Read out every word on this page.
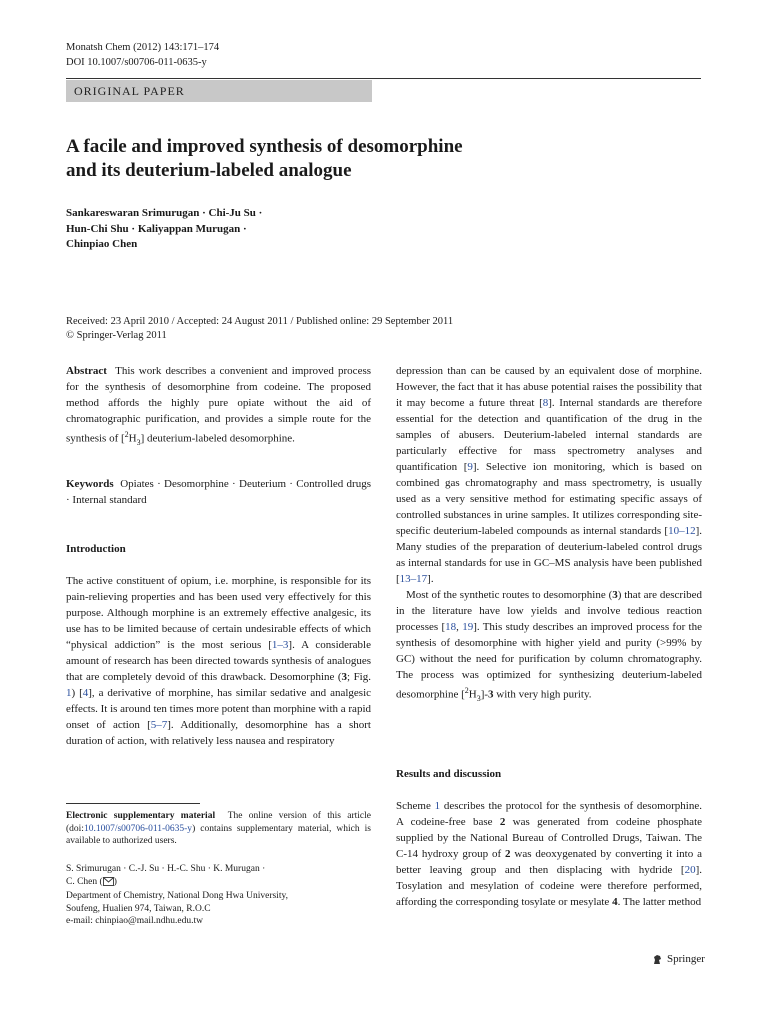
Monatsh Chem (2012) 143:171–174
DOI 10.1007/s00706-011-0635-y
ORIGINAL PAPER
A facile and improved synthesis of desomorphine
and its deuterium-labeled analogue
Sankareswaran Srimurugan · Chi-Ju Su ·
Hun-Chi Shu · Kaliyappan Murugan ·
Chinpiao Chen
Received: 23 April 2010 / Accepted: 24 August 2011 / Published online: 29 September 2011
© Springer-Verlag 2011

Abstract This work describes a convenient and improved process for the synthesis of desomorphine from codeine. The proposed method affords the highly pure opiate without the aid of chromatographic purification, and provides a simple route for the synthesis of $[^2H_3]$ deuterium-labeled desomorphine.

Keywords Opiates · Desomorphine · Deuterium · Controlled drugs · Internal standard

Introduction

The active constituent of opium, i.e. morphine, is responsible for its pain-relieving properties and has been used very effectively for this purpose. Although morphine is an extremely effective analgesic, its use has to be limited because of certain undesirable effects of which “physical addiction” is the most serious [1–3]. A considerable amount of research has been directed towards synthesis of analogues that are completely devoid of this drawback. Desomorphine (3; Fig. 1) [4], a derivative of morphine, has similar sedative and analgesic effects. It is around ten times more potent than morphine with a rapid onset of action [5–7]. Additionally, desomorphine has a short duration of action, with relatively less nausea and respiratory

Electronic supplementary material The online version of this article (doi:10.1007/s00706-011-0635-y) contains supplementary material, which is available to authorized users.

S. Srimurugan · C.-J. Su · H.-C. Shu · K. Murugan ·

C. Chen ( )

Department of Chemistry, National Dong Hwa University,

Soufeng, Hualien 974, Taiwan, R.O.C

e-mail: chinpiao@mail.ndhu.edu.tw

depression than can be caused by an equivalent dose of morphine. However, the fact that it has abuse potential raises the possibility that it may become a future threat [8]. Internal standards are therefore essential for the detection and quantification of the drug in the samples of abusers. Deuterium-labeled internal standards are particularly effective for mass spectrometry analyses and quantification [9]. Selective ion monitoring, which is based on combined gas chromatography and mass spectrometry, is usually used as a very sensitive method for estimating specific assays of controlled substances in urine samples. It utilizes corresponding site-specific deuterium-labeled compounds as internal standards [10–12]. Many studies of the preparation of deuterium-labeled control drugs as internal standards for use in GC–MS analysis have been published [13–17].

Most of the synthetic routes to desomorphine (3) that are described in the literature have low yields and involve tedious reaction processes [18, 19]. This study describes an improved process for the synthesis of desomorphine with higher yield and purity (>99% by GC) without the need for purification by column chromatography. The process was optimized for synthesizing deuterium-labeled desomorphine $[^2H_3]-3$ with very high purity.

Results and discussion

Scheme 1 describes the protocol for the synthesis of desomorphine. A codeine-free base 2 was generated from codeine phosphate supplied by the National Bureau of Controlled Drugs, Taiwan. The C-14 hydroxy group of 2 was deoxygenated by converting it into a better leaving group and then displacing with hydride [20]. Tosylation and mesylation of codeine were therefore performed, affording the corresponding tosylate or mesylate 4. The latter method

Springer
